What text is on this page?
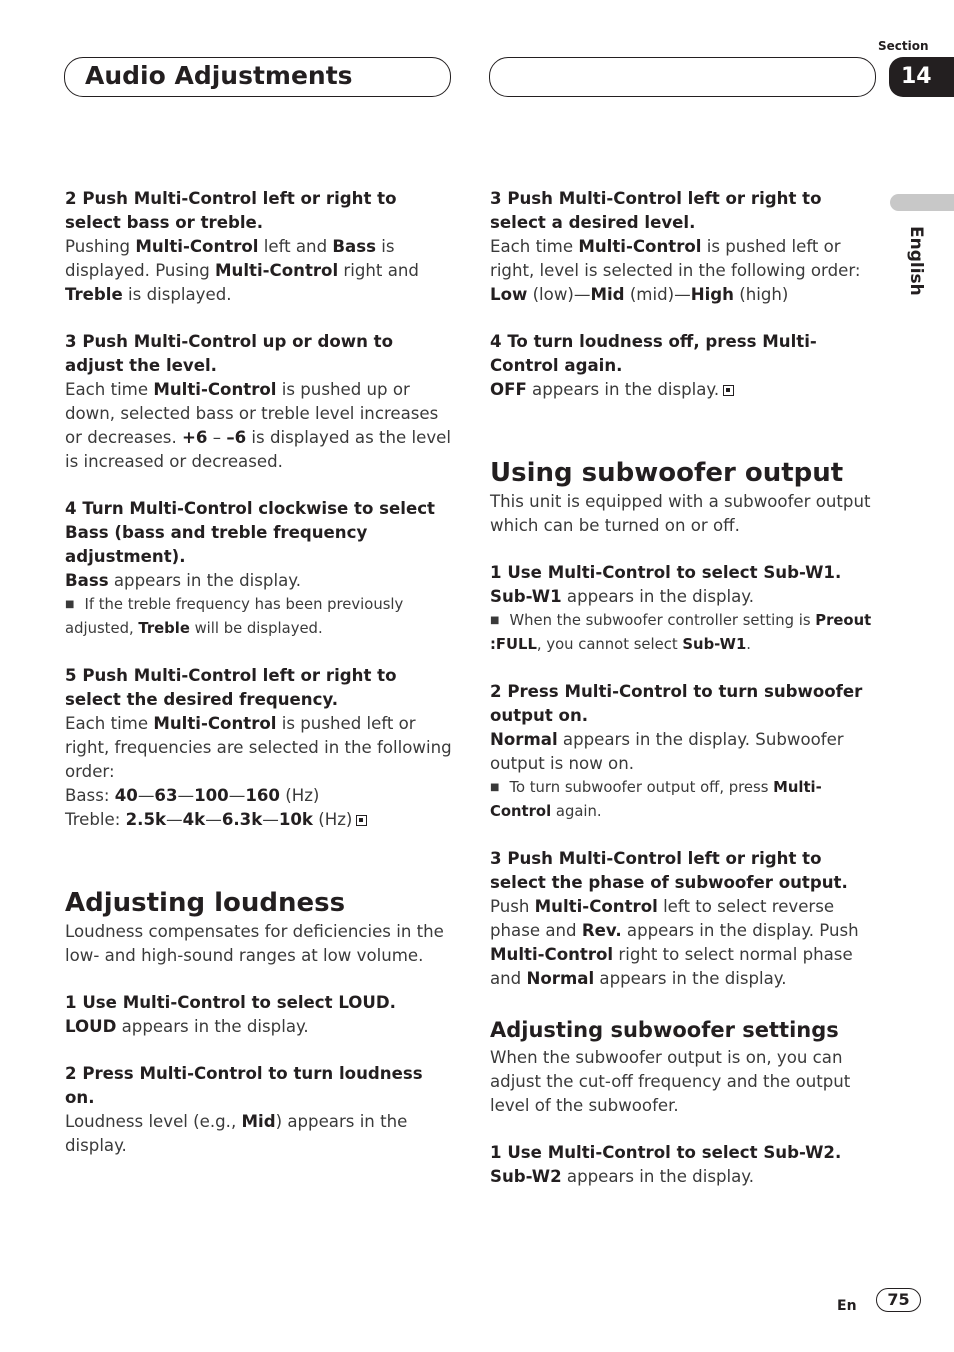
Audio Adjustments
Section
14
English

2 Push Multi-Control left or right to select bass or treble.

Pushing Multi-Control left and Bass is displayed. Pusing Multi-Control right and Treble is displayed.

3 Push Multi-Control up or down to adjust the level.

Each time Multi-Control is pushed up or down, selected bass or treble level increases or decreases. +6 – –6 is displayed as the level is increased or decreased.

4 Turn Multi-Control clockwise to select Bass (bass and treble frequency adjustment).

Bass appears in the display.

■ If the treble frequency has been previously adjusted, Treble will be displayed.

5 Push Multi-Control left or right to select the desired frequency.

Each time Multi-Control is pushed left or right, frequencies are selected in the following order:

Bass: 40—63—100—160 (Hz)

Treble: 2.5k—4k—6.3k—10k (Hz)

Adjusting loudness

Loudness compensates for deficiencies in the low- and high-sound ranges at low volume.

1 Use Multi-Control to select LOUD.

LOUD appears in the display.

2 Press Multi-Control to turn loudness on.

Loudness level (e.g., Mid) appears in the display.

3 Push Multi-Control left or right to select a desired level.

Each time Multi-Control is pushed left or right, level is selected in the following order:

Low (low)—Mid (mid)—High (high)

4 To turn loudness off, press Multi-Control again.

OFF appears in the display.

Using subwoofer output

This unit is equipped with a subwoofer output which can be turned on or off.

1 Use Multi-Control to select Sub-W1.

Sub-W1 appears in the display.

■ When the subwoofer controller setting is Preout :FULL, you cannot select Sub-W1.

2 Press Multi-Control to turn subwoofer output on.

Normal appears in the display. Subwoofer output is now on.

■ To turn subwoofer output off, press Multi-Control again.

3 Push Multi-Control left or right to select the phase of subwoofer output.

Push Multi-Control left to select reverse phase and Rev. appears in the display. Push Multi-Control right to select normal phase and Normal appears in the display.

Adjusting subwoofer settings

When the subwoofer output is on, you can adjust the cut-off frequency and the output level of the subwoofer.

1 Use Multi-Control to select Sub-W2.

Sub-W2 appears in the display.

En	75
